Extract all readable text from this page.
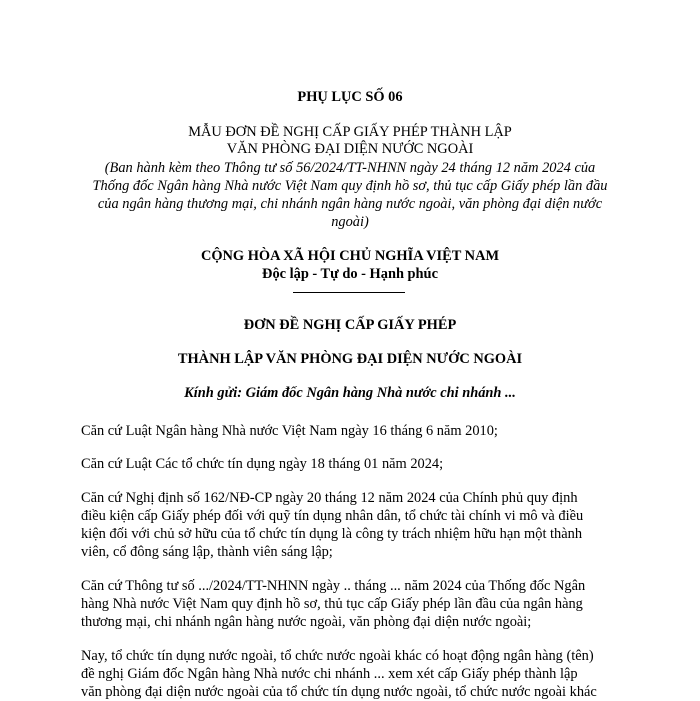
PHỤ LỤC SỐ 06
MẪU ĐƠN ĐỀ NGHỊ CẤP GIẤY PHÉP THÀNH LẬP
VĂN PHÒNG ĐẠI DIỆN NƯỚC NGOÀI
(Ban hành kèm theo Thông tư số 56/2024/TT-NHNN ngày 24 tháng 12 năm 2024 của
Thống đốc Ngân hàng Nhà nước Việt Nam quy định hồ sơ, thủ tục cấp Giấy phép lần đầu
của ngân hàng thương mại, chi nhánh ngân hàng nước ngoài, văn phòng đại diện nước
ngoài)
CỘNG HÒA XÃ HỘI CHỦ NGHĨA VIỆT NAM
Độc lập - Tự do - Hạnh phúc
ĐƠN ĐỀ NGHỊ CẤP GIẤY PHÉP
THÀNH LẬP VĂN PHÒNG ĐẠI DIỆN NƯỚC NGOÀI
Kính gửi: Giám đốc Ngân hàng Nhà nước chi nhánh ...
Căn cứ Luật Ngân hàng Nhà nước Việt Nam ngày 16 tháng 6 năm 2010;
Căn cứ Luật Các tổ chức tín dụng ngày 18 tháng 01 năm 2024;
Căn cứ Nghị định số 162/NĐ-CP ngày 20 tháng 12 năm 2024 của Chính phủ quy định
điều kiện cấp Giấy phép đối với quỹ tín dụng nhân dân, tổ chức tài chính vi mô và điều
kiện đối với chủ sở hữu của tổ chức tín dụng là công ty trách nhiệm hữu hạn một thành
viên, cổ đông sáng lập, thành viên sáng lập;
Căn cứ Thông tư số .../2024/TT-NHNN ngày .. tháng ... năm 2024 của Thống đốc Ngân
hàng Nhà nước Việt Nam quy định hồ sơ, thủ tục cấp Giấy phép lần đầu của ngân hàng
thương mại, chi nhánh ngân hàng nước ngoài, văn phòng đại diện nước ngoài;
Nay, tổ chức tín dụng nước ngoài, tổ chức nước ngoài khác có hoạt động ngân hàng (tên)
đề nghị Giám đốc Ngân hàng Nhà nước chi nhánh ... xem xét cấp Giấy phép thành lập
văn phòng đại diện nước ngoài của tổ chức tín dụng nước ngoài, tổ chức nước ngoài khác
